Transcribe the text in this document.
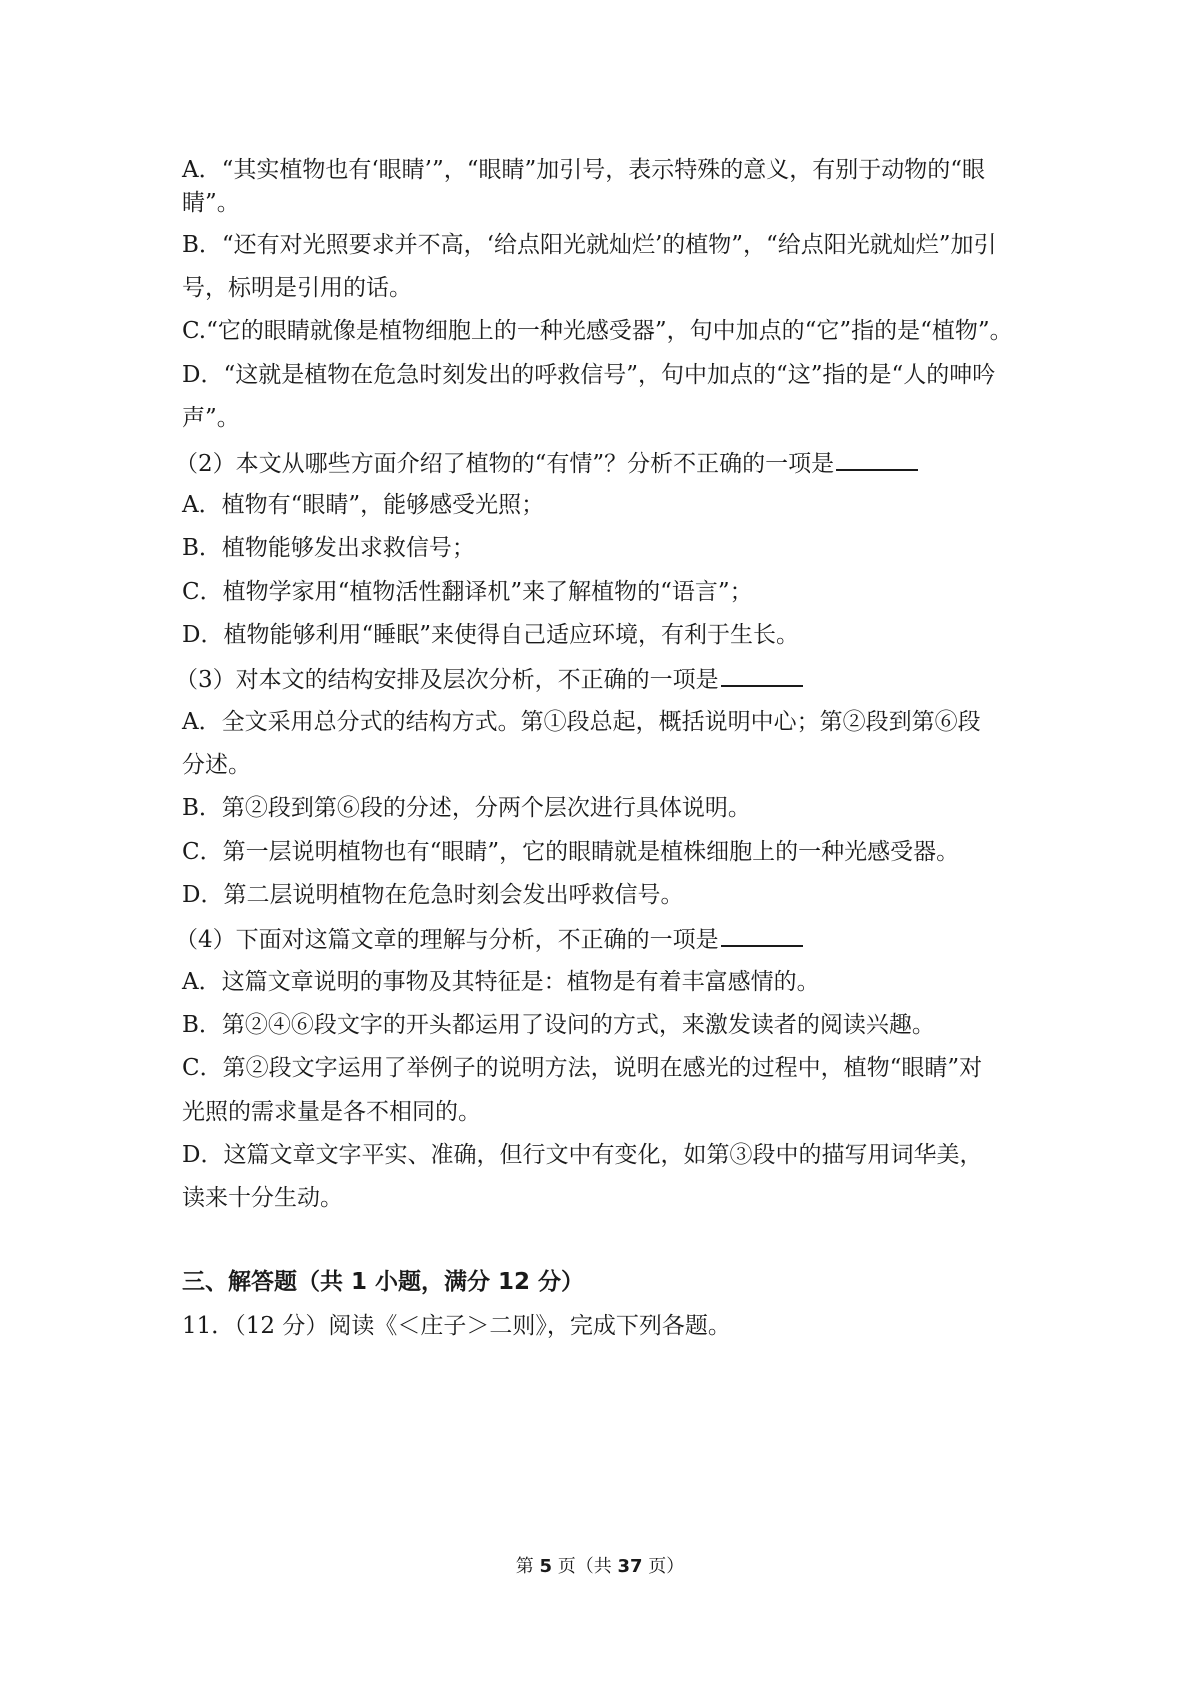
A．“其实植物也有‘眼睛’”，“眼睛”加引号，表示特殊的意义，有别于动物的“眼
睛”。
B．“还有对光照要求并不高，‘给点阳光就灿烂’的植物”，“给点阳光就灿烂”加引
号，标明是引用的话。
C.“它的眼睛就像是植物细胞上的一种光感受器”，句中加点的“它”指的是“植物”。
D．“这就是植物在危急时刻发出的呼救信号”，句中加点的“这”指的是“人的呻吟
声”。
（2）本文从哪些方面介绍了植物的“有情”？分析不正确的一项是
A．植物有“眼睛”，能够感受光照；
B．植物能够发出求救信号；
C．植物学家用“植物活性翻译机”来了解植物的“语言”；
D．植物能够利用“睡眠”来使得自己适应环境，有利于生长。
（3）对本文的结构安排及层次分析，不正确的一项是
A．全文采用总分式的结构方式。第①段总起，概括说明中心；第②段到第⑥段
分述。
B．第②段到第⑥段的分述，分两个层次进行具体说明。
C．第一层说明植物也有“眼睛”，它的眼睛就是植株细胞上的一种光感受器。
D．第二层说明植物在危急时刻会发出呼救信号。
（4）下面对这篇文章的理解与分析，不正确的一项是
A．这篇文章说明的事物及其特征是：植物是有着丰富感情的。
B．第②④⑥段文字的开头都运用了设问的方式，来激发读者的阅读兴趣。
C．第②段文字运用了举例子的说明方法，说明在感光的过程中，植物“眼睛”对
光照的需求量是各不相同的。
D．这篇文章文字平实、准确，但行文中有变化，如第③段中的描写用词华美，
读来十分生动。
三、解答题（共 1 小题，满分 12 分）
11．（12 分）阅读《＜庄子＞二则》，完成下列各题。
第 5 页（共 37 页）
